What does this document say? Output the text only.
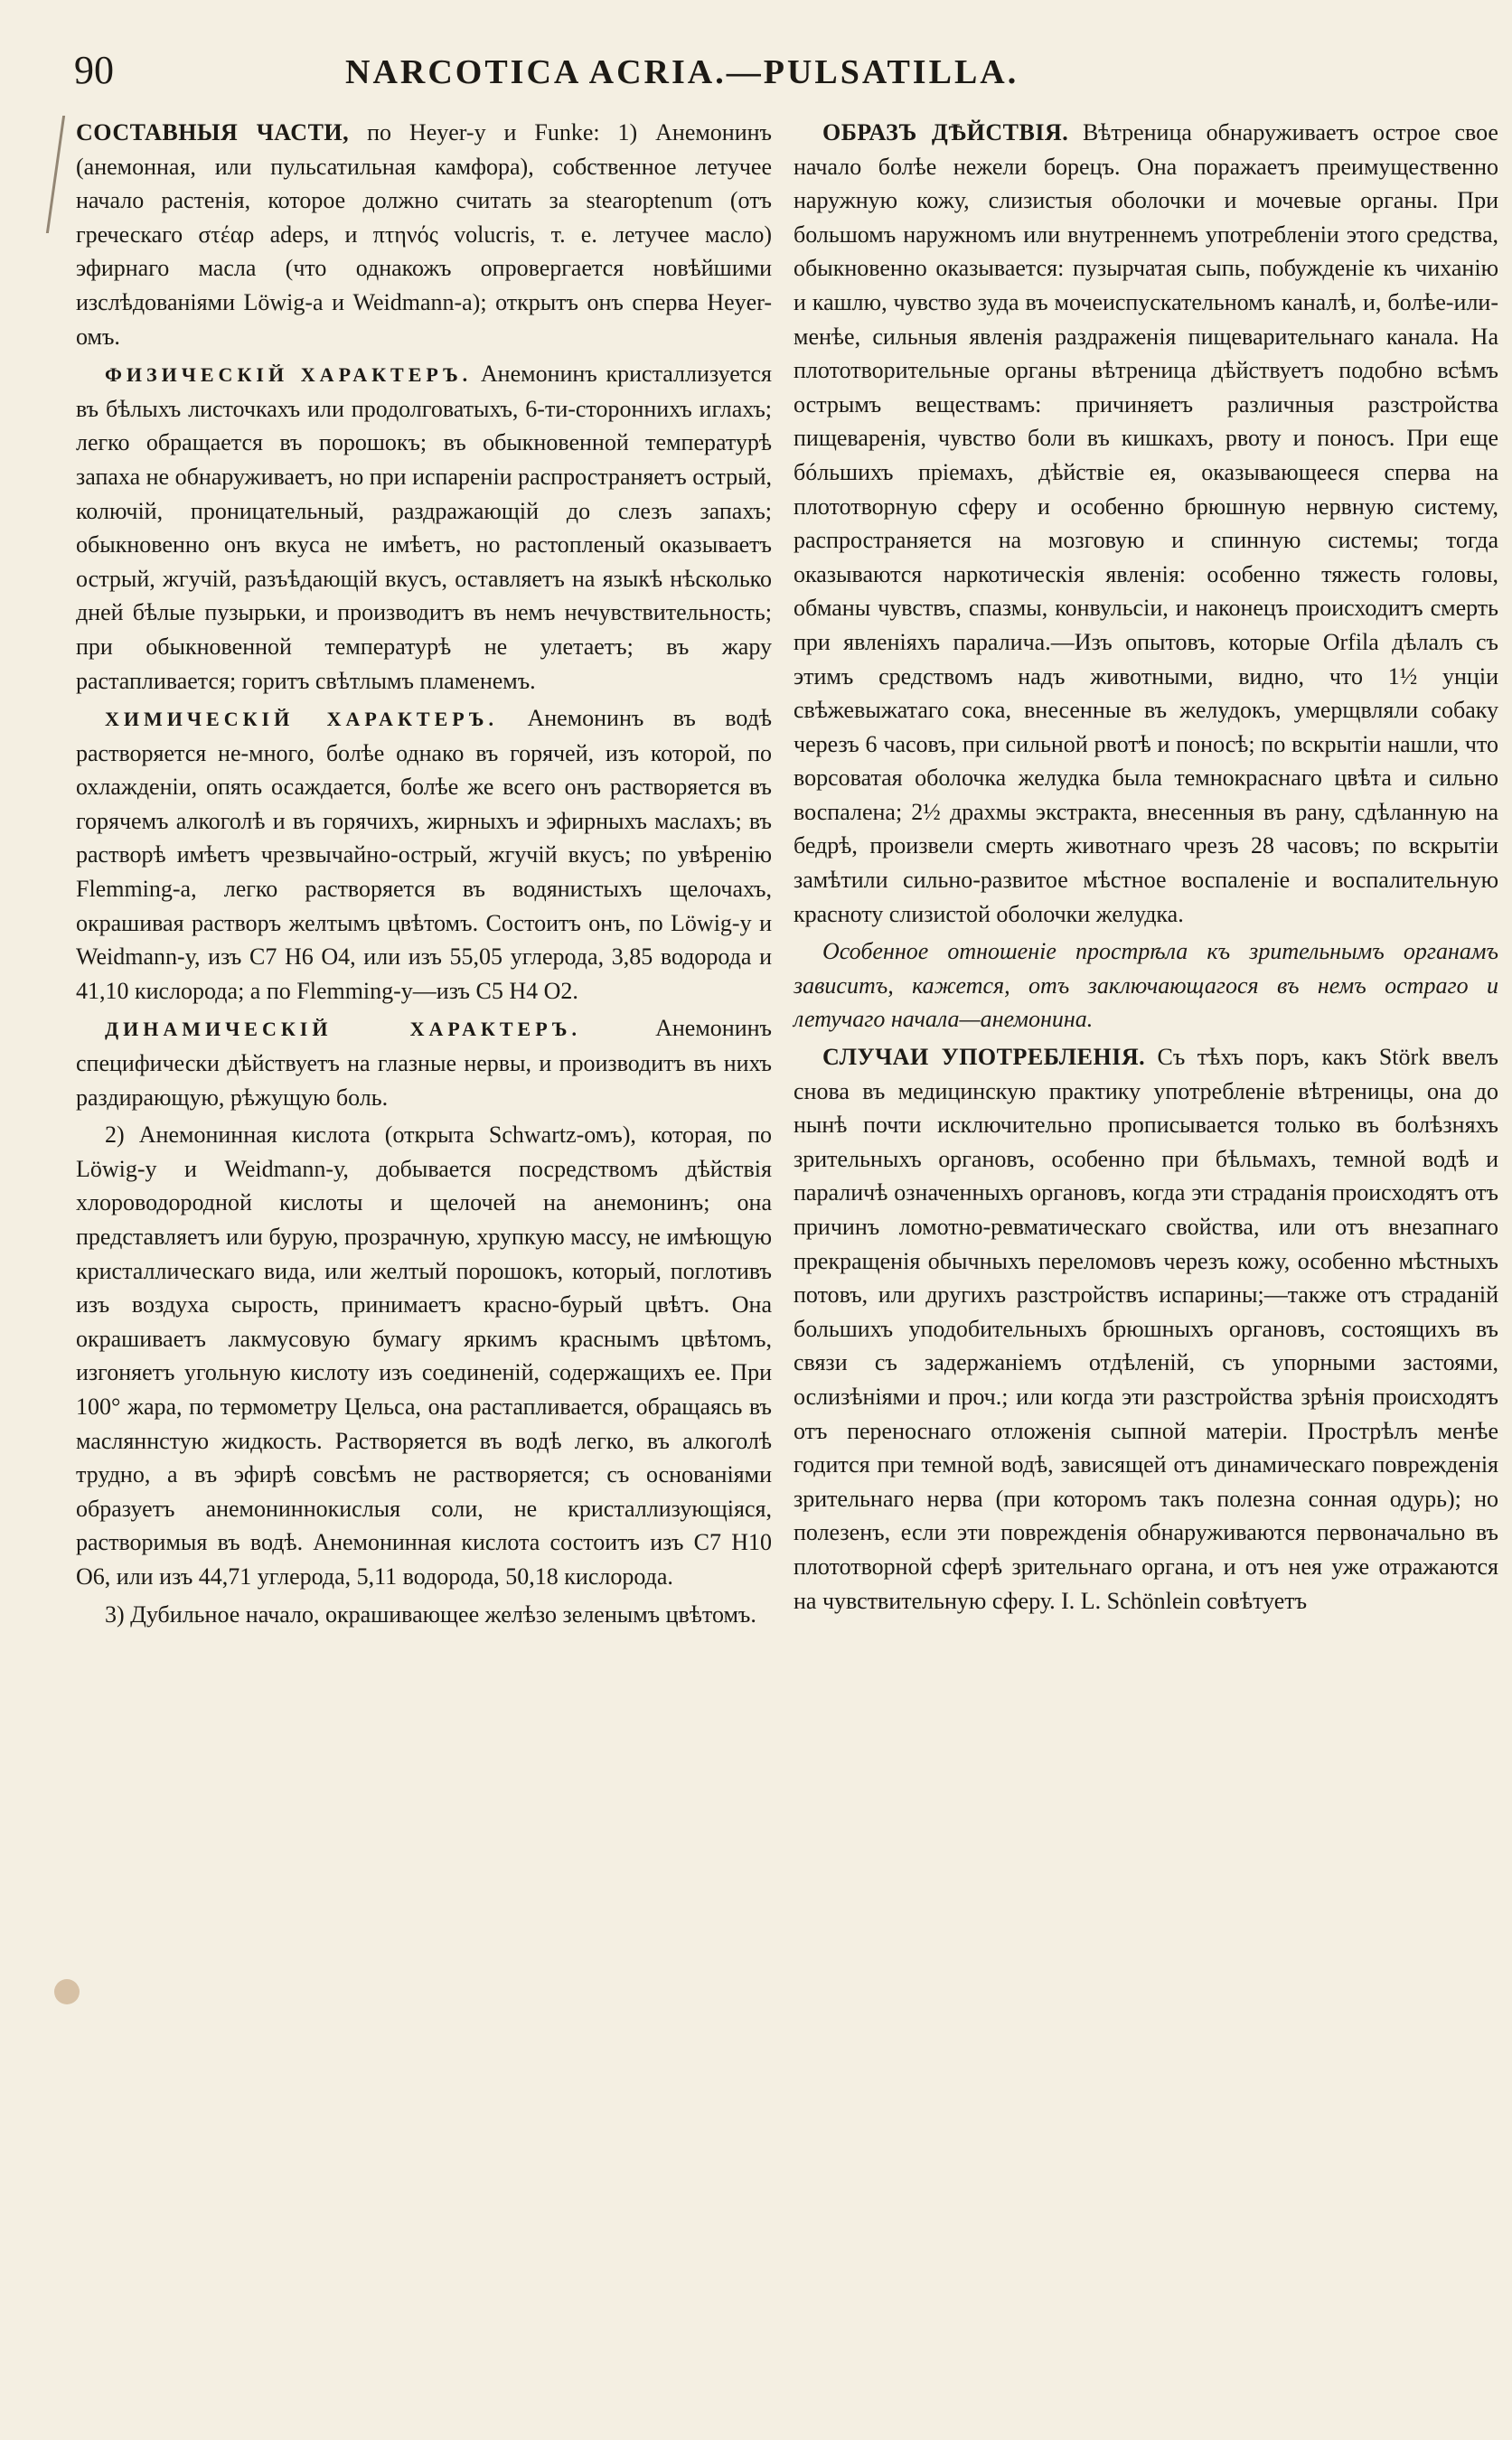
90	NARCOTICA ACRIA.—PULSATILLA.

СОСТАВНЫЯ ЧАСТИ, по Heyer-у и Funke: 1) Анемонинъ (анемонная, или пульсатильная камфора), собственное летучее начало растенія, которое должно считать за stearoptenum (отъ греческаго στέαρ adeps, и πτηνός volucris, т. е. летучее масло) эфирнаго масла (что однакожъ опровергается новѣйшими изслѣдованіями Löwig-а и Weidmann-а); открытъ онъ сперва Heyer-омъ.

ФИЗИЧЕСКІЙ ХАРАКТЕРЪ. Анемонинъ кристаллизуется въ бѣлыхъ листочкахъ или продолговатыхъ, 6-ти-стороннихъ иглахъ; легко обращается въ порошокъ; въ обыкновенной температурѣ запаха не обнаруживаетъ, но при испареніи распространяетъ острый, колючій, проницательный, раздражающій до слезъ запахъ; обыкновенно онъ вкуса не имѣетъ, но растопленый оказываетъ острый, жгучій, разъѣдающій вкусъ, оставляетъ на языкѣ нѣсколько дней бѣлые пузырьки, и производитъ въ немъ нечувствительность; при обыкновенной температурѣ не улетаетъ; въ жару растапливается; горитъ свѣтлымъ пламенемъ.

ХИМИЧЕСКІЙ ХАРАКТЕРЪ. Анемонинъ въ водѣ растворяется не-много, болѣе однако въ горячей, изъ которой, по охлажденіи, опять осаждается, болѣе же всего онъ растворяется въ горячемъ алкоголѣ и въ горячихъ, жирныхъ и эфирныхъ маслахъ; въ растворѣ имѣетъ чрезвычайно-острый, жгучій вкусъ; по увѣренію Flemming-а, легко растворяется въ водянистыхъ щелочахъ, окрашивая растворъ желтымъ цвѣтомъ. Состоитъ онъ, по Löwig-у и Weidmann-у, изъ C7 H6 O4, или изъ 55,05 углерода, 3,85 водорода и 41,10 кислорода; а по Flemming-у—изъ C5 H4 O2.

ДИНАМИЧЕСКІЙ ХАРАКТЕРЪ. Анемонинъ специфически дѣйствуетъ на глазные нервы, и производитъ въ нихъ раздирающую, рѣжущую боль.

2) Анемонинная кислота (открыта Schwartz-омъ), которая, по Löwig-у и Weidmann-у, добывается посредствомъ дѣйствія хлороводородной кислоты и щелочей на анемонинъ; она представляетъ или бурую, прозрачную, хрупкую массу, не имѣющую кристаллическаго вида, или желтый порошокъ, который, поглотивъ изъ воздуха сырость, принимаетъ красно-бурый цвѣтъ. Она окрашиваетъ лакмусовую бумагу яркимъ краснымъ цвѣтомъ, изгоняетъ угольную кислоту изъ соединеній, содержащихъ ее. При 100° жара, по термометру Цельса, она растапливается, обращаясь въ масляннстую жидкость. Растворяется въ водѣ легко, въ алкоголѣ трудно, а въ эфирѣ совсѣмъ не растворяется; съ основаніями образуетъ анемониннокислыя соли, не кристаллизующіяся, растворимыя въ водѣ. Анемонинная кислота состоитъ изъ C7 H10 O6, или изъ 44,71 углерода, 5,11 водорода, 50,18 кислорода.

3) Дубильное начало, окрашивающее желѣзо зеленымъ цвѣтомъ.

ОБРАЗЪ ДѢЙСТВІЯ. Вѣтреница обнаруживаетъ острое свое начало болѣе нежели борецъ. Она поражаетъ преимущественно наружную кожу, слизистыя оболочки и мочевые органы. При большомъ наружномъ или внутреннемъ употребленіи этого средства, обыкновенно оказывается: пузырчатая сыпь, побужденіе къ чиханію и кашлю, чувство зуда въ мочеиспускательномъ каналѣ, и, болѣе-или-менѣе, сильныя явленія раздраженія пищеварительнаго канала. На плототворительные органы вѣтреница дѣйствуетъ подобно всѣмъ острымъ веществамъ: причиняетъ различныя разстройства пищеваренія, чувство боли въ кишкахъ, рвоту и поносъ. При еще бóльшихъ пріемахъ, дѣйствіе ея, оказывающееся сперва на плототворную сферу и особенно брюшную нервную систему, распространяется на мозговую и спинную системы; тогда оказываются наркотическія явленія: особенно тяжесть головы, обманы чувствъ, спазмы, конвульсіи, и наконецъ происходитъ смерть при явленіяхъ паралича.—Изъ опытовъ, которые Orfila дѣлалъ съ этимъ средствомъ надъ животными, видно, что 1½ унціи свѣжевыжатаго сока, внесенные въ желудокъ, умерщвляли собаку черезъ 6 часовъ, при сильной рвотѣ и поносѣ; по вскрытіи нашли, что ворсоватая оболочка желудка была темнокраснаго цвѣта и сильно воспалена; 2½ драхмы экстракта, внесенныя въ рану, сдѣланную на бедрѣ, произвели смерть животнаго чрезъ 28 часовъ; по вскрытіи замѣтили сильно-развитое мѣстное воспаленіе и воспалительную красноту слизистой оболочки желудка.

Особенное отношеніе прострѣла къ зрительнымъ органамъ зависитъ, кажется, отъ заключающагося въ немъ остраго и летучаго начала—анемонина.

СЛУЧАИ УПОТРЕБЛЕНІЯ. Съ тѣхъ поръ, какъ Störk ввелъ снова въ медицинскую практику употребленіе вѣтреницы, она до нынѣ почти исключительно прописывается только въ болѣзняхъ зрительныхъ органовъ, особенно при бѣльмахъ, темной водѣ и параличѣ означенныхъ органовъ, когда эти страданія происходятъ отъ причинъ ломотно-ревматическаго свойства, или отъ внезапнаго прекращенія обычныхъ переломовъ черезъ кожу, особенно мѣстныхъ потовъ, или другихъ разстройствъ испарины;—также отъ страданій большихъ уподобительныхъ брюшныхъ органовъ, состоящихъ въ связи съ задержаніемъ отдѣленій, съ упорными застоями, ослизѣніями и проч.; или когда эти разстройства зрѣнія происходятъ отъ переноснаго отложенія сыпной матеріи. Прострѣлъ менѣе годится при темной водѣ, зависящей отъ динамическаго поврежденія зрительнаго нерва (при которомъ такъ полезна сонная одурь); но полезенъ, если эти поврежденія обнаруживаются первоначально въ плототворной сферѣ зрительнаго органа, и отъ нея уже отражаются на чувствительную сферу. I. L. Schönlein совѣтуетъ
